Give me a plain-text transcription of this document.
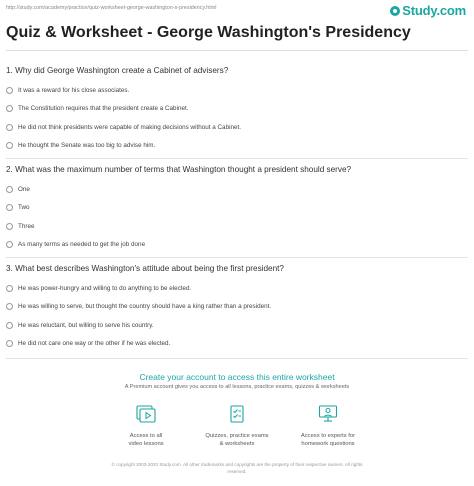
http://study.com/academy/practice/quiz-worksheet-george-washington-s-presidency.html	Study.com
Quiz & Worksheet - George Washington's Presidency
1. Why did George Washington create a Cabinet of advisers?
It was a reward for his close associates.
The Constitution requires that the president create a Cabinet.
He did not think presidents were capable of making decisions without a Cabinet.
He thought the Senate was too big to advise him.
2. What was the maximum number of terms that Washington thought a president should serve?
One
Two
Three
As many terms as needed to get the job done
3. What best describes Washington's attitude about being the first president?
He was power-hungry and willing to do anything to be elected.
He was willing to serve, but thought the country should have a king rather than a president.
He was reluctant, but willing to serve his country.
He did not care one way or the other if he was elected.
Create your account to access this entire worksheet
A Premium account gives you access to all lessons, practice exams, quizzes & worksheets
Access to all
video lessons
Quizzes, practice exams
& worksheets
Access to experts for
homework questions
© copyright 2003-2020 Study.com. All other trademarks and copyrights are the property of their respective owners. All rights
reserved.
